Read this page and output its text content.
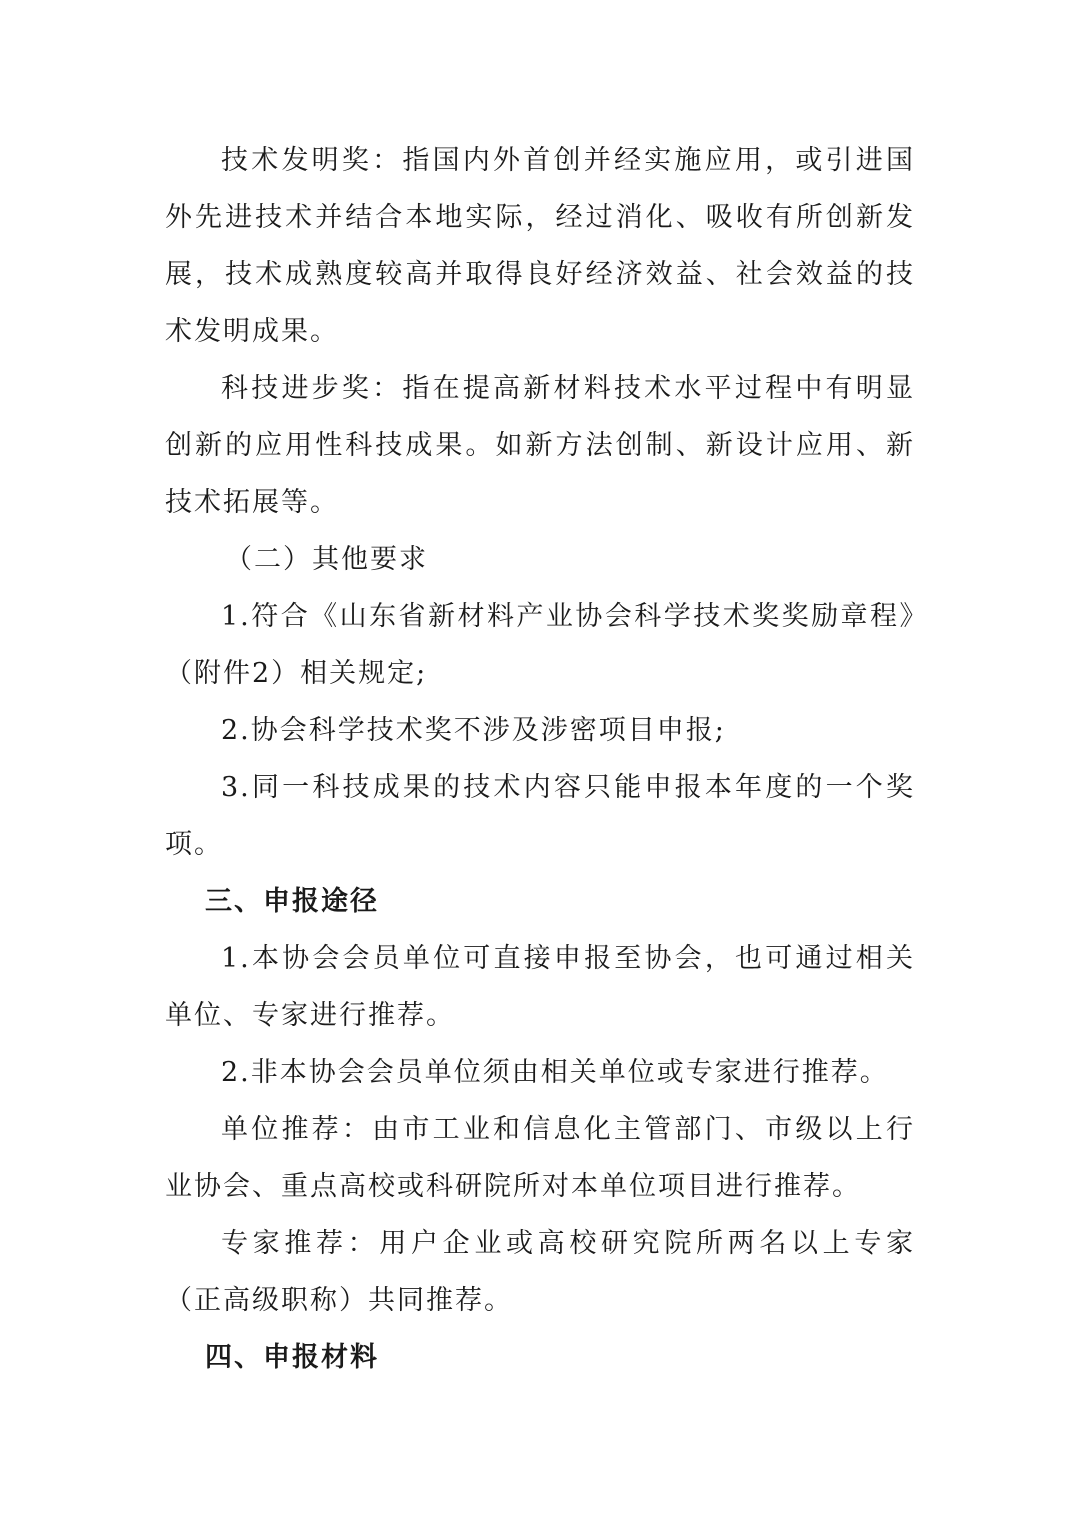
技术发明奖：指国内外首创并经实施应用，或引进国外先进技术并结合本地实际，经过消化、吸收有所创新发展，技术成熟度较高并取得良好经济效益、社会效益的技术发明成果。

科技进步奖：指在提高新材料技术水平过程中有明显创新的应用性科技成果。如新方法创制、新设计应用、新技术拓展等。

（二）其他要求

1.符合《山东省新材料产业协会科学技术奖奖励章程》（附件2）相关规定;

2.协会科学技术奖不涉及涉密项目申报;

3.同一科技成果的技术内容只能申报本年度的一个奖项。

三、申报途径

1.本协会会员单位可直接申报至协会，也可通过相关单位、专家进行推荐。

2.非本协会会员单位须由相关单位或专家进行推荐。

单位推荐：由市工业和信息化主管部门、市级以上行业协会、重点高校或科研院所对本单位项目进行推荐。

专家推荐：用户企业或高校研究院所两名以上专家（正高级职称）共同推荐。

四、申报材料
